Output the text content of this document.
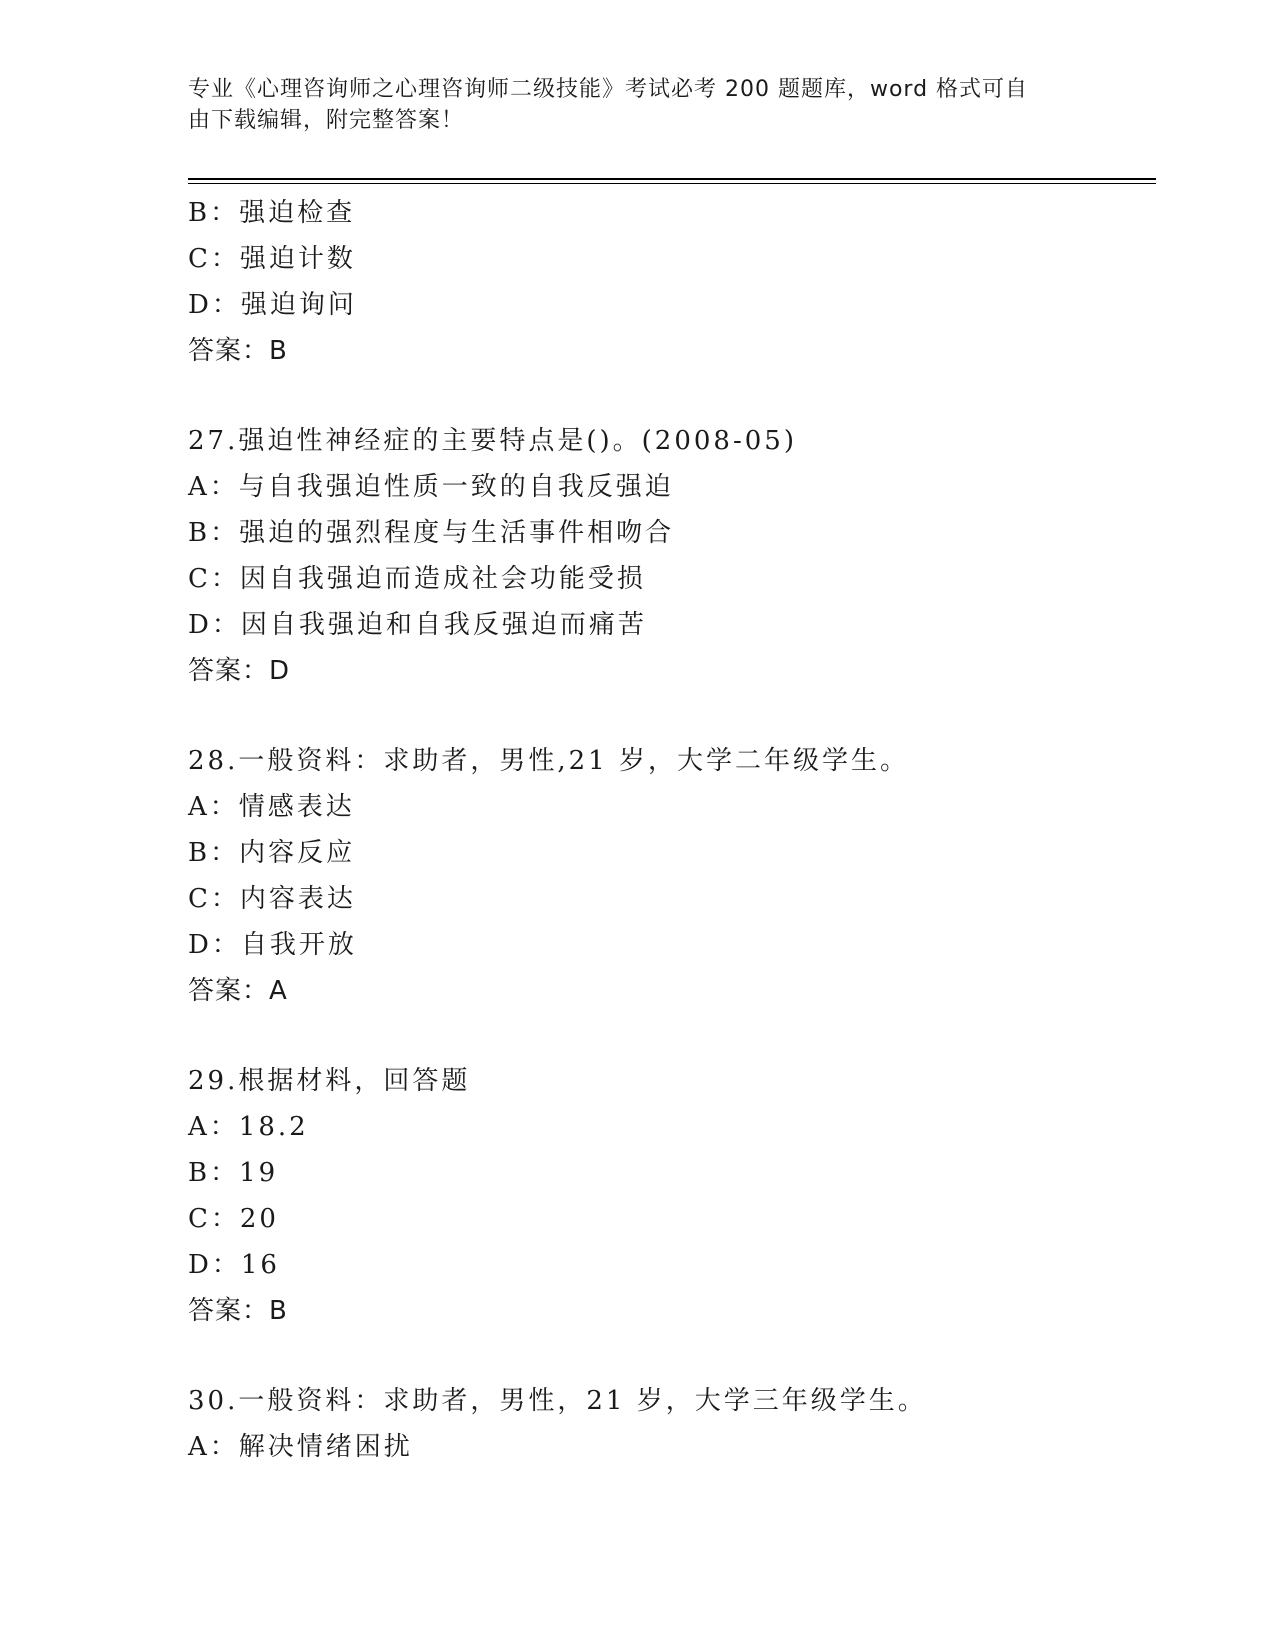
专业《心理咨询师之心理咨询师二级技能》考试必考 200 题题库，word 格式可自
由下载编辑，附完整答案！
B：强迫检查
C：强迫计数
D：强迫询问
答案：B
27.强迫性神经症的主要特点是()。(2008-05)
A：与自我强迫性质一致的自我反强迫
B：强迫的强烈程度与生活事件相吻合
C：因自我强迫而造成社会功能受损
D：因自我强迫和自我反强迫而痛苦
答案：D
28.一般资料：求助者，男性,21 岁，大学二年级学生。
A：情感表达
B：内容反应
C：内容表达
D：自我开放
答案：A
29.根据材料，回答题
A：18.2
B：19
C：20
D：16
答案：B
30.一般资料：求助者，男性，21 岁，大学三年级学生。
A：解决情绪困扰
